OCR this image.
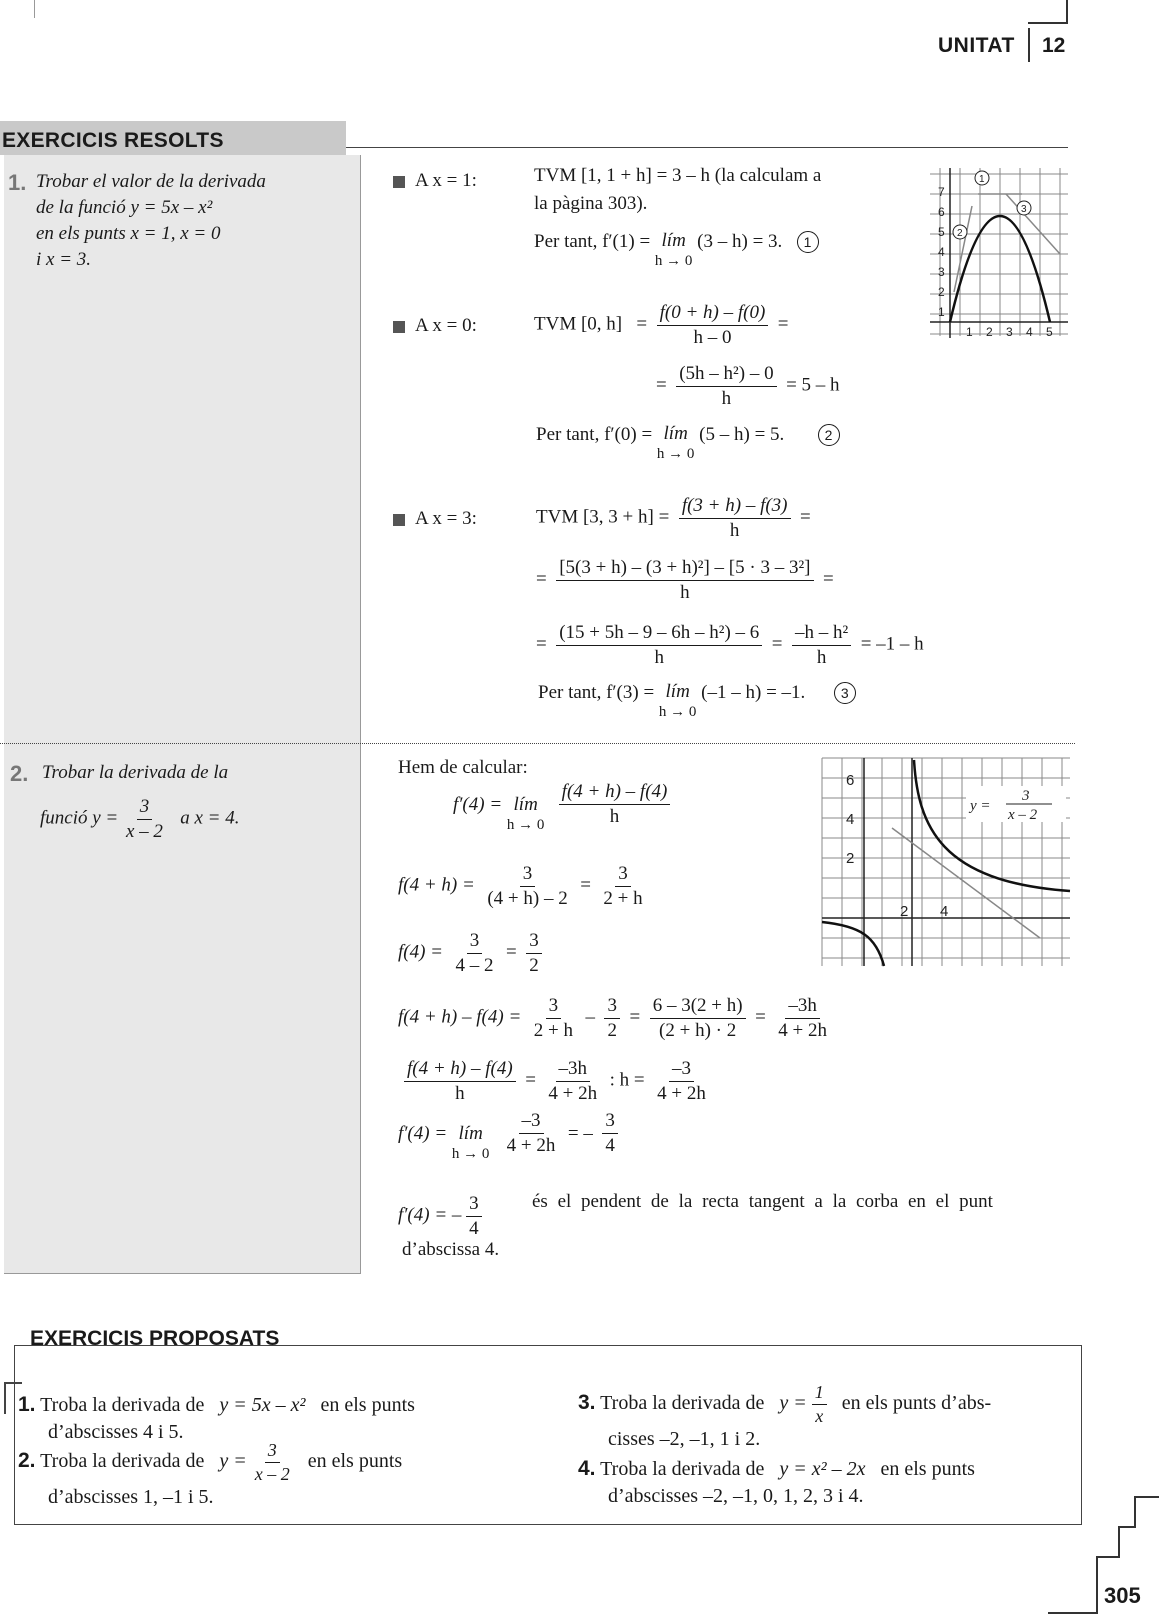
UNITAT 12
EXERCICIS RESOLTS
1. Trobar el valor de la derivada
de la funció y = 5x – x²
en els punts x = 1, x = 0
i x = 3.
A x = 1:	TVM [1, 1 + h] = 3 – h (la calculam a
la pàgina 303).
Per tant, f′(1) = lím
h → 0
(3 – h) = 3. 1
1
2
3
4
5
6
7
1 2 3 4 5
1
2
3
A x = 0:	TVM [0, $h] = \frac{f(0 + h) - f(0)}{h - 0}$ =
= $\frac{\text{(5h – h²) – 0}}{h} = 5 - h$
Per tant, f′(0) = lím
h → 0
(5 – h) = 5.	2
A x = 3:	TVM [3, $3 + h] = \frac{f(3 + h) - f(3)}{h}$ =
= $\frac{\text{[5(3 + h) – (3 + h)²] – [5 · 3 – 3²]}}{h}$ =
= $\frac{\text{(15 + 5h – 9 – 6h – h²) – 6}}{h} = \frac{\text{–h – h²}}{h} = -1 - h$
Per tant, f′(3) = lím
h → 0
(–1 – h) = –1.	3
2. Trobar la derivada de la
funció $y = \frac{3}{x - 2}$ a x = 4.
Hem de calcular:
f′(4) = lím
h → 0
$\frac{f(4 + h) - f(4)}{h}$
$f(4 + h) = \frac{3}{(4 + h) - 2} = \frac{3}{2 + h}$
$f(4) = \frac{3}{4 - 2} = \frac{3}{2}$
$f(4 + h) - f(4) = \frac{3}{2 + h} - \frac{3}{2} = \frac{6 - 3(2 + h)}{(2 + h) \cdot 2} = \frac{-3h}{4 + 2h}$
$\frac{f(4 + h) - f(4)}{h} = \frac{-3h}{4 + 2h}$ : $h = \frac{-3}{4 + 2h}$
f′(4) = lím
h → 0
$\frac{-3}{4 + 2h}$ = – $\frac{3}{4}$
f′(4) = – $\frac{3}{4}$	és el pendent de la recta tangent a la corba en el punt
d’abscissa 4.
6
4
2
2 4
y =
3
x – 2
EXERCICIS PROPOSATS
1. Troba la derivada de y = 5x – x² en els punts
d’abscisses 4 i 5.
2. Troba la derivada de $y = \frac{3}{x - 2}$ en els punts
d’abscisses 1, –1 i 5.
3. Troba la derivada de $y = \frac{1}{x}$ en els punts d’abs-
cisses –2, –1, 1 i 2.
4. Troba la derivada de y = x² – 2x en els punts
d’abscisses –2, –1, 0, 1, 2, 3 i 4.
305
